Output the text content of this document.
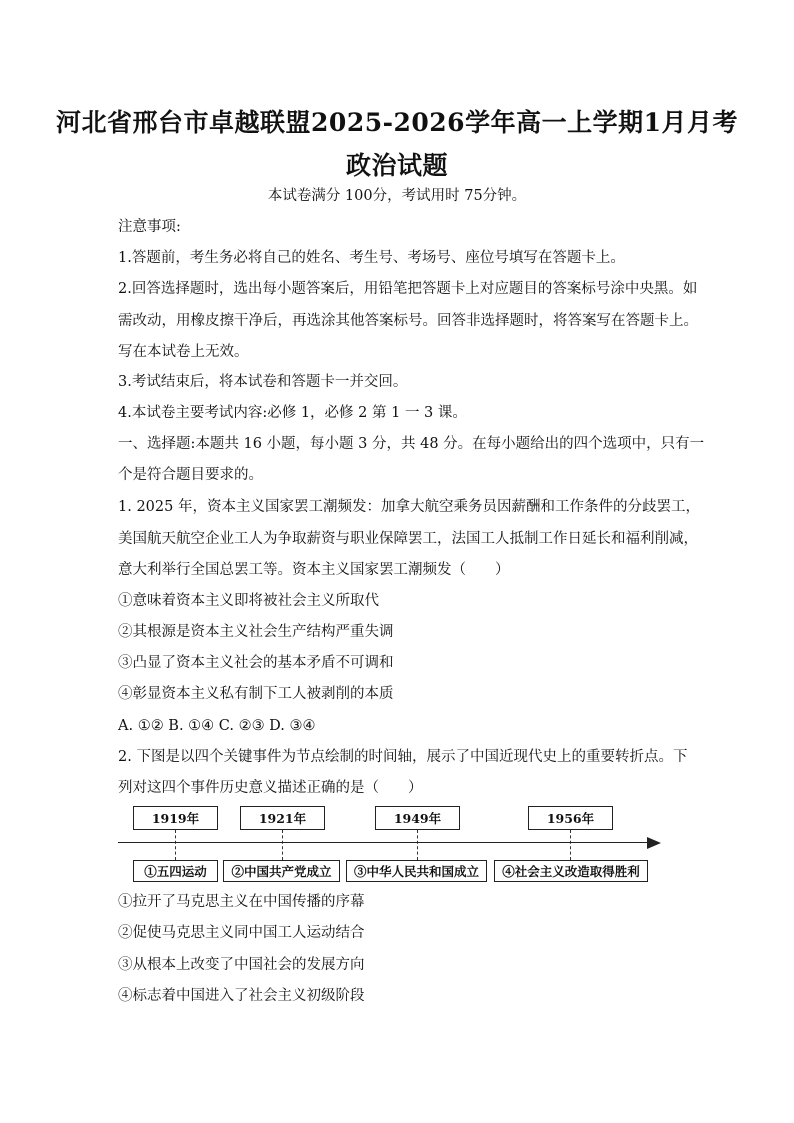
河北省邢台市卓越联盟2025-2026学年高一上学期1月月考
政治试题
本试卷满分 100分，考试用时 75分钟。
注意事项:
1.答题前，考生务必将自己的姓名、考生号、考场号、座位号填写在答题卡上。
2.回答选择题时，选出每小题答案后，用铅笔把答题卡上对应题目的答案标号涂中央黑。如
需改动，用橡皮擦干净后，再选涂其他答案标号。回答非选择题时，将答案写在答题卡上。
写在本试卷上无效。
3.考试结束后，将本试卷和答题卡一并交回。
4.本试卷主要考试内容:必修 1，必修 2 第 1 一 3 课。
一、选择题:本题共 16 小题，每小题 3 分，共 48 分。在每小题给出的四个选项中，只有一
个是符合题目要求的。
1. 2025 年，资本主义国家罢工潮频发：加拿大航空乘务员因薪酬和工作条件的分歧罢工，
美国航天航空企业工人为争取薪资与职业保障罢工，法国工人抵制工作日延长和福利削减，
意大利举行全国总罢工等。资本主义国家罢工潮频发（　　）
①意味着资本主义即将被社会主义所取代
②其根源是资本主义社会生产结构严重失调
③凸显了资本主义社会的基本矛盾不可调和
④彰显资本主义私有制下工人被剥削的本质
A. ①② B. ①④ C. ②③ D. ③④
2. 下图是以四个关键事件为节点绘制的时间轴，展示了中国近现代史上的重要转折点。下
列对这四个事件历史意义描述正确的是（　　）
1919年	1921年	1949年	1956年
①五四运动	②中国共产党成立	③中华人民共和国成立	④社会主义改造取得胜利
①拉开了马克思主义在中国传播的序幕
②促使马克思主义同中国工人运动结合
③从根本上改变了中国社会的发展方向
④标志着中国进入了社会主义初级阶段
